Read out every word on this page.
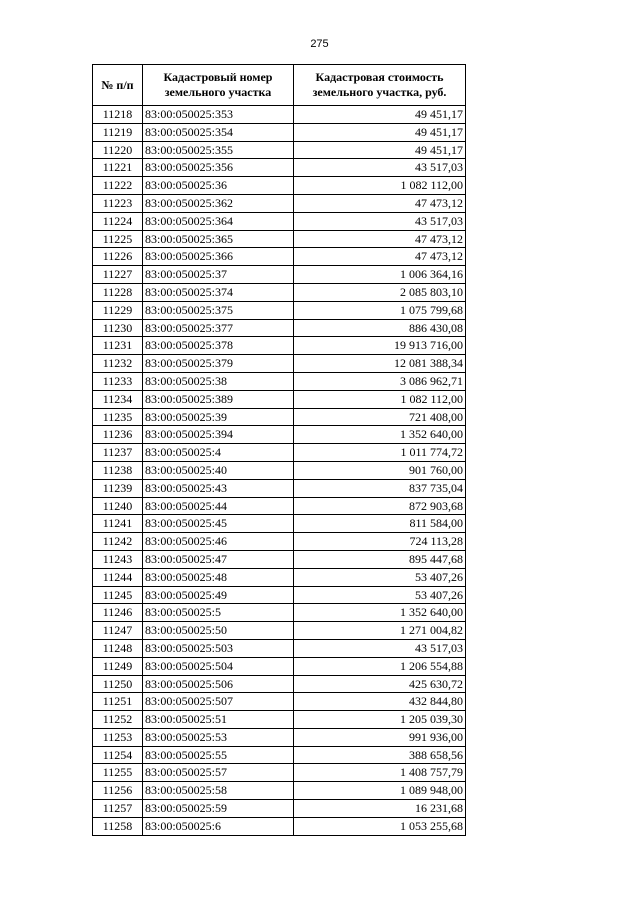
275
№ п/п	Кадастровый номер земельного участка	Кадастровая стоимость земельного участка, руб.
11218	83:00:050025:353	49 451,17
11219	83:00:050025:354	49 451,17
11220	83:00:050025:355	49 451,17
11221	83:00:050025:356	43 517,03
11222	83:00:050025:36	1 082 112,00
11223	83:00:050025:362	47 473,12
11224	83:00:050025:364	43 517,03
11225	83:00:050025:365	47 473,12
11226	83:00:050025:366	47 473,12
11227	83:00:050025:37	1 006 364,16
11228	83:00:050025:374	2 085 803,10
11229	83:00:050025:375	1 075 799,68
11230	83:00:050025:377	886 430,08
11231	83:00:050025:378	19 913 716,00
11232	83:00:050025:379	12 081 388,34
11233	83:00:050025:38	3 086 962,71
11234	83:00:050025:389	1 082 112,00
11235	83:00:050025:39	721 408,00
11236	83:00:050025:394	1 352 640,00
11237	83:00:050025:4	1 011 774,72
11238	83:00:050025:40	901 760,00
11239	83:00:050025:43	837 735,04
11240	83:00:050025:44	872 903,68
11241	83:00:050025:45	811 584,00
11242	83:00:050025:46	724 113,28
11243	83:00:050025:47	895 447,68
11244	83:00:050025:48	53 407,26
11245	83:00:050025:49	53 407,26
11246	83:00:050025:5	1 352 640,00
11247	83:00:050025:50	1 271 004,82
11248	83:00:050025:503	43 517,03
11249	83:00:050025:504	1 206 554,88
11250	83:00:050025:506	425 630,72
11251	83:00:050025:507	432 844,80
11252	83:00:050025:51	1 205 039,30
11253	83:00:050025:53	991 936,00
11254	83:00:050025:55	388 658,56
11255	83:00:050025:57	1 408 757,79
11256	83:00:050025:58	1 089 948,00
11257	83:00:050025:59	16 231,68
11258	83:00:050025:6	1 053 255,68
